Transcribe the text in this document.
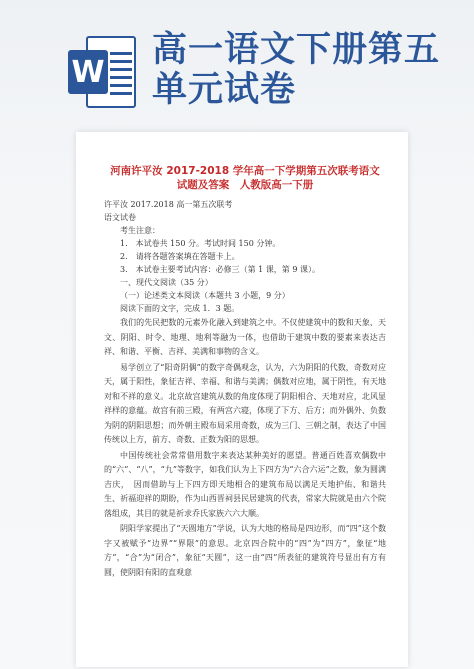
W
高一语文下册第五单元试卷
河南许平汝 2017-2018 学年高一下学期第五次联考语文试题及答案　人教版高一下册
许平汝 2017.2018 高一第五次联考
语文试卷
考生注意：
1.　本试卷共 150 分。考试时间 150 分钟。
2.　请将各题答案填在答题卡上。
3.　本试卷主要考试内容：必修三（第 1 课，第 9 课）。
一、现代文阅读（35 分）
（一）论述类文本阅读（本题共 3 小题，9 分）
阅读下面的文字，完成 1．3 题。

我们的先民把数的元素外化融入到建筑之中。不仅使建筑中的数和天象、天文、阴阳、时令、地理、地利等融为一体，也借助于建筑中数的要素来表达吉祥、和谐、平衡、吉祥、美满和事物的含义。

易学创立了“阳奇阴偶”的数字奇偶观念，认为，六为阴阳的代数，奇数对应天，属于阳性，象征吉祥、幸福、和谐与美满；偶数对应地，属于阴性，有天地对和不祥的意义。北京故宫建筑从数的角度体现了阴阳相合、天地对应，北风显祥样的意蕴。故宫有前三殿，有两宫六寝，体现了下方、后方；而外偶外、负数为阴的阴阳思想；而外朝主殿布局采用奇数，成为三门、三朝之制，表达了中国传统以上方，前方、奇数、正数为阳的思想。

中国传统社会常常借用数字来表达某种美好的愿望。普通百姓喜欢偶数中的“六”、“八”，“九”等数字，如我们认为上下四方为“六合六运”之数，象为圆满吉庆，　因而借助与上下四方即天地相合的建筑布局以满足天地护佑、和谐共生、祈福迎祥的期盼，作为山西晋祠县民居建筑的代表，常家大院就是由六个院落组成，其目的就是祈求乔氏家族六六大顺。

阴阳学家提出了“天圆地方”学说，认为大地的格局是四边形，而“四”这个数字又被赋予“边界”“界限”的意思。北京四合院中的“四”为“四方”，象征“地方”，“合”为“闭合”，象征“天圆”，这一由“四”所表征的建筑符号显出有方有圆，使阴阳有阳的直观意
